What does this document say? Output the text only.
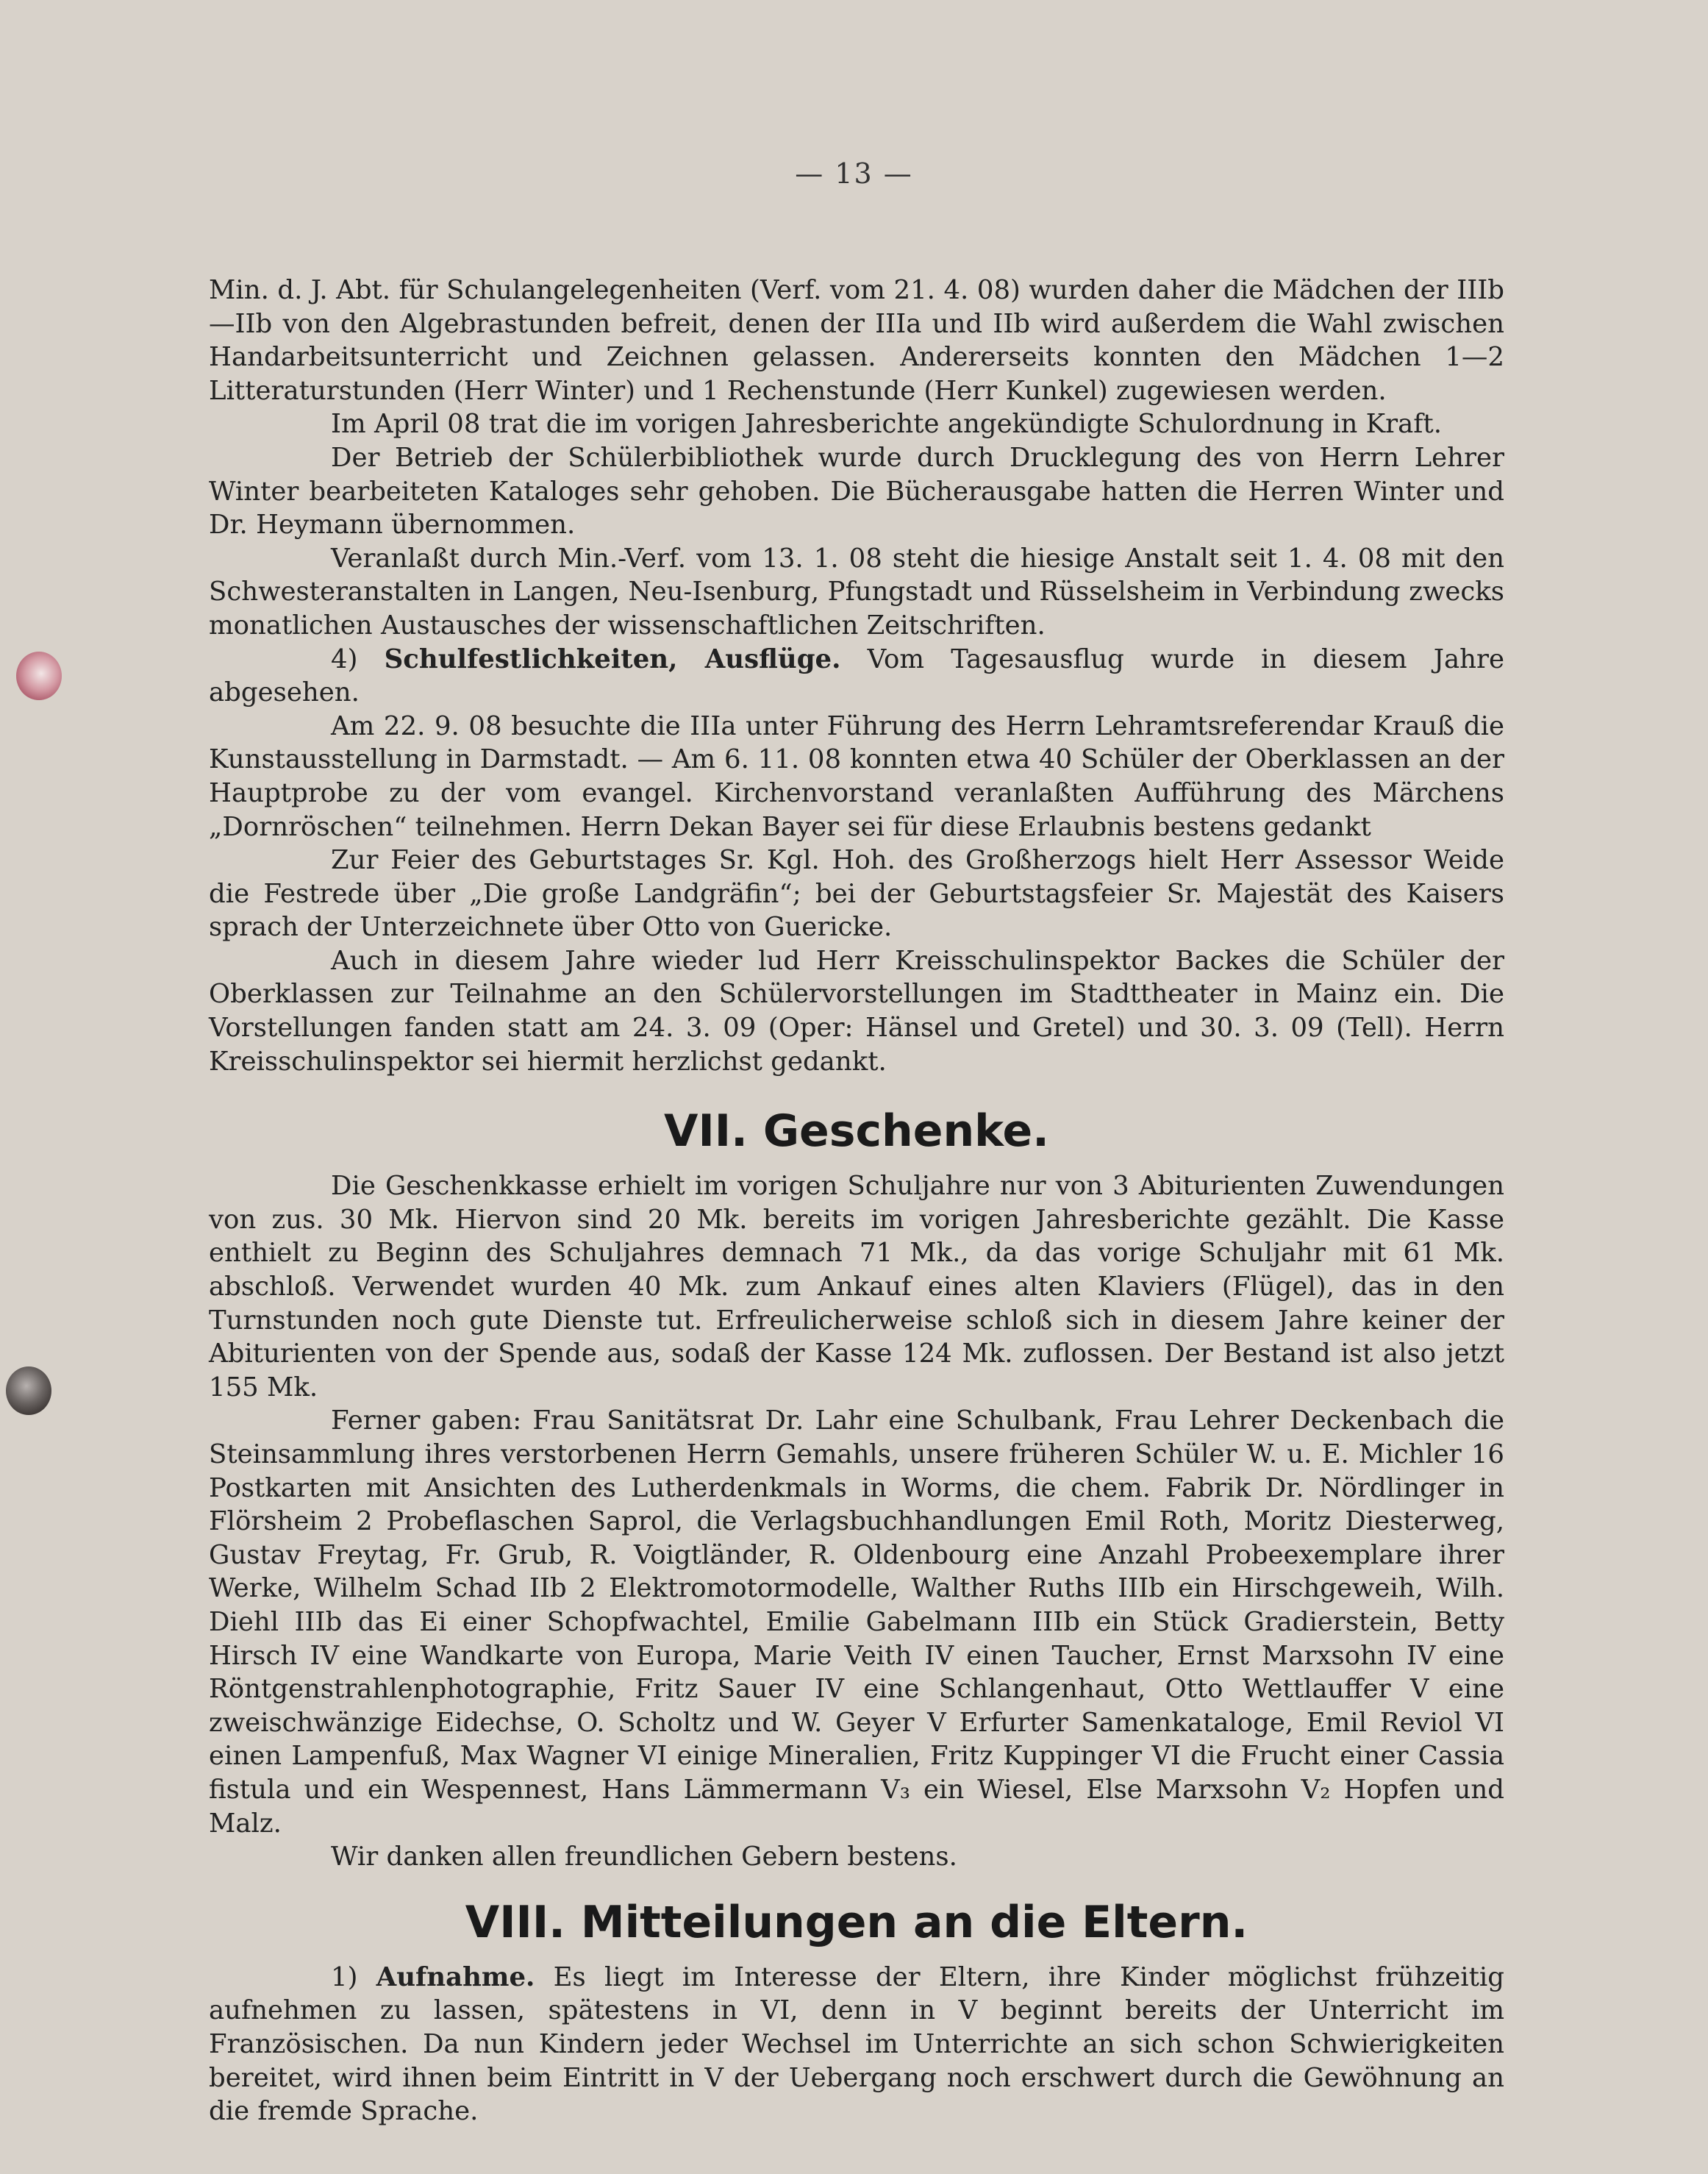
— 13 —

Min. d. J. Abt. für Schulangelegenheiten (Verf. vom 21. 4. 08) wurden daher die Mädchen der IIIb—IIb von den Algebrastunden befreit, denen der IIIa und IIb wird außerdem die Wahl zwischen Handarbeitsunterricht und Zeichnen gelassen. Andererseits konnten den Mädchen 1—2 Litteraturstunden (Herr Winter) und 1 Rechenstunde (Herr Kunkel) zugewiesen werden.

Im April 08 trat die im vorigen Jahresberichte angekündigte Schulordnung in Kraft.

Der Betrieb der Schülerbibliothek wurde durch Drucklegung des von Herrn Lehrer Winter bearbeiteten Kataloges sehr gehoben. Die Bücherausgabe hatten die Herren Winter und Dr. Heymann übernommen.

Veranlaßt durch Min.-Verf. vom 13. 1. 08 steht die hiesige Anstalt seit 1. 4. 08 mit den Schwesteranstalten in Langen, Neu-Isenburg, Pfungstadt und Rüsselsheim in Verbindung zwecks monatlichen Austausches der wissenschaftlichen Zeitschriften.

4) Schulfestlichkeiten, Ausflüge. Vom Tagesausflug wurde in diesem Jahre abgesehen.

Am 22. 9. 08 besuchte die IIIa unter Führung des Herrn Lehramtsreferendar Krauß die Kunstausstellung in Darmstadt. — Am 6. 11. 08 konnten etwa 40 Schüler der Oberklassen an der Hauptprobe zu der vom evangel. Kirchenvorstand veranlaßten Aufführung des Märchens „Dornröschen“ teilnehmen. Herrn Dekan Bayer sei für diese Erlaubnis bestens gedankt

Zur Feier des Geburtstages Sr. Kgl. Hoh. des Großherzogs hielt Herr Assessor Weide die Festrede über „Die große Landgräfin“; bei der Geburtstagsfeier Sr. Majestät des Kaisers sprach der Unterzeichnete über Otto von Guericke.

Auch in diesem Jahre wieder lud Herr Kreisschulinspektor Backes die Schüler der Oberklassen zur Teilnahme an den Schülervorstellungen im Stadttheater in Mainz ein. Die Vorstellungen fanden statt am 24. 3. 09 (Oper: Hänsel und Gretel) und 30. 3. 09 (Tell). Herrn Kreisschulinspektor sei hiermit herzlichst gedankt.

VII. Geschenke.

Die Geschenkkasse erhielt im vorigen Schuljahre nur von 3 Abiturienten Zuwendungen von zus. 30 Mk. Hiervon sind 20 Mk. bereits im vorigen Jahresberichte gezählt. Die Kasse enthielt zu Beginn des Schuljahres demnach 71 Mk., da das vorige Schuljahr mit 61 Mk. abschloß. Verwendet wurden 40 Mk. zum Ankauf eines alten Klaviers (Flügel), das in den Turnstunden noch gute Dienste tut. Erfreulicherweise schloß sich in diesem Jahre keiner der Abiturienten von der Spende aus, sodaß der Kasse 124 Mk. zuflossen. Der Bestand ist also jetzt 155 Mk.

Ferner gaben: Frau Sanitätsrat Dr. Lahr eine Schulbank, Frau Lehrer Deckenbach die Steinsammlung ihres verstorbenen Herrn Gemahls, unsere früheren Schüler W. u. E. Michler 16 Postkarten mit Ansichten des Lutherdenkmals in Worms, die chem. Fabrik Dr. Nördlinger in Flörsheim 2 Probeflaschen Saprol, die Verlagsbuchhandlungen Emil Roth, Moritz Diesterweg, Gustav Freytag, Fr. Grub, R. Voigtländer, R. Oldenbourg eine Anzahl Probeexemplare ihrer Werke, Wilhelm Schad IIb 2 Elektromotormodelle, Walther Ruths IIIb ein Hirschgeweih, Wilh. Diehl IIIb das Ei einer Schopfwachtel, Emilie Gabelmann IIIb ein Stück Gradierstein, Betty Hirsch IV eine Wandkarte von Europa, Marie Veith IV einen Taucher, Ernst Marxsohn IV eine Röntgenstrahlenphotographie, Fritz Sauer IV eine Schlangenhaut, Otto Wettlauffer V eine zweischwänzige Eidechse, O. Scholtz und W. Geyer V Erfurter Samenkataloge, Emil Reviol VI einen Lampenfuß, Max Wagner VI einige Mineralien, Fritz Kuppinger VI die Frucht einer Cassia fistula und ein Wespennest, Hans Lämmermann V₃ ein Wiesel, Else Marxsohn V₂ Hopfen und Malz.

Wir danken allen freundlichen Gebern bestens.

VIII. Mitteilungen an die Eltern.

1) Aufnahme. Es liegt im Interesse der Eltern, ihre Kinder möglichst frühzeitig aufnehmen zu lassen, spätestens in VI, denn in V beginnt bereits der Unterricht im Französischen. Da nun Kindern jeder Wechsel im Unterrichte an sich schon Schwierigkeiten bereitet, wird ihnen beim Eintritt in V der Uebergang noch erschwert durch die Gewöhnung an die fremde Sprache.
